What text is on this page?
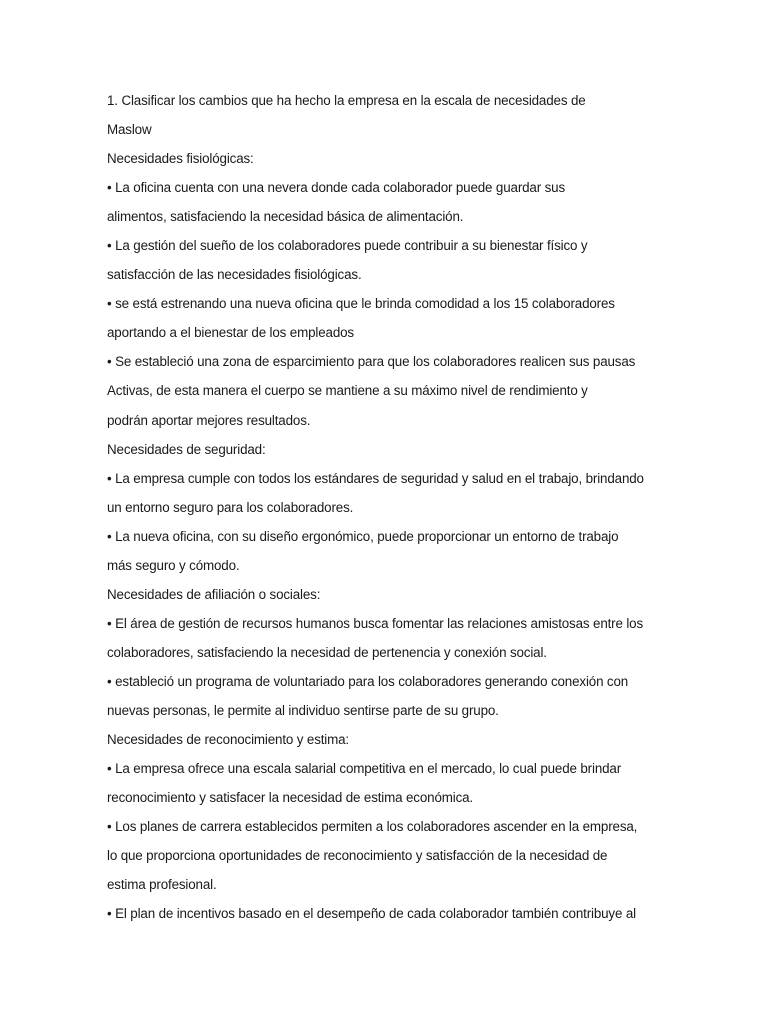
1. Clasificar los cambios que ha hecho la empresa en la escala de necesidades de
Maslow
Necesidades fisiológicas:
• La oficina cuenta con una nevera donde cada colaborador puede guardar sus
alimentos, satisfaciendo la necesidad básica de alimentación.
• La gestión del sueño de los colaboradores puede contribuir a su bienestar físico y
satisfacción de las necesidades fisiológicas.
• se está estrenando una nueva oficina que le brinda comodidad a los 15 colaboradores
aportando a el bienestar de los empleados
• Se estableció una zona de esparcimiento para que los colaboradores realicen sus pausas
Activas, de esta manera el cuerpo se mantiene a su máximo nivel de rendimiento y
podrán aportar mejores resultados.
Necesidades de seguridad:
• La empresa cumple con todos los estándares de seguridad y salud en el trabajo, brindando
un entorno seguro para los colaboradores.
• La nueva oficina, con su diseño ergonómico, puede proporcionar un entorno de trabajo
más seguro y cómodo.
Necesidades de afiliación o sociales:
• El área de gestión de recursos humanos busca fomentar las relaciones amistosas entre los
colaboradores, satisfaciendo la necesidad de pertenencia y conexión social.
• estableció un programa de voluntariado para los colaboradores generando conexión con
nuevas personas, le permite al individuo sentirse parte de su grupo.
Necesidades de reconocimiento y estima:
• La empresa ofrece una escala salarial competitiva en el mercado, lo cual puede brindar
reconocimiento y satisfacer la necesidad de estima económica.
• Los planes de carrera establecidos permiten a los colaboradores ascender en la empresa,
lo que proporciona oportunidades de reconocimiento y satisfacción de la necesidad de
estima profesional.
• El plan de incentivos basado en el desempeño de cada colaborador también contribuye al
